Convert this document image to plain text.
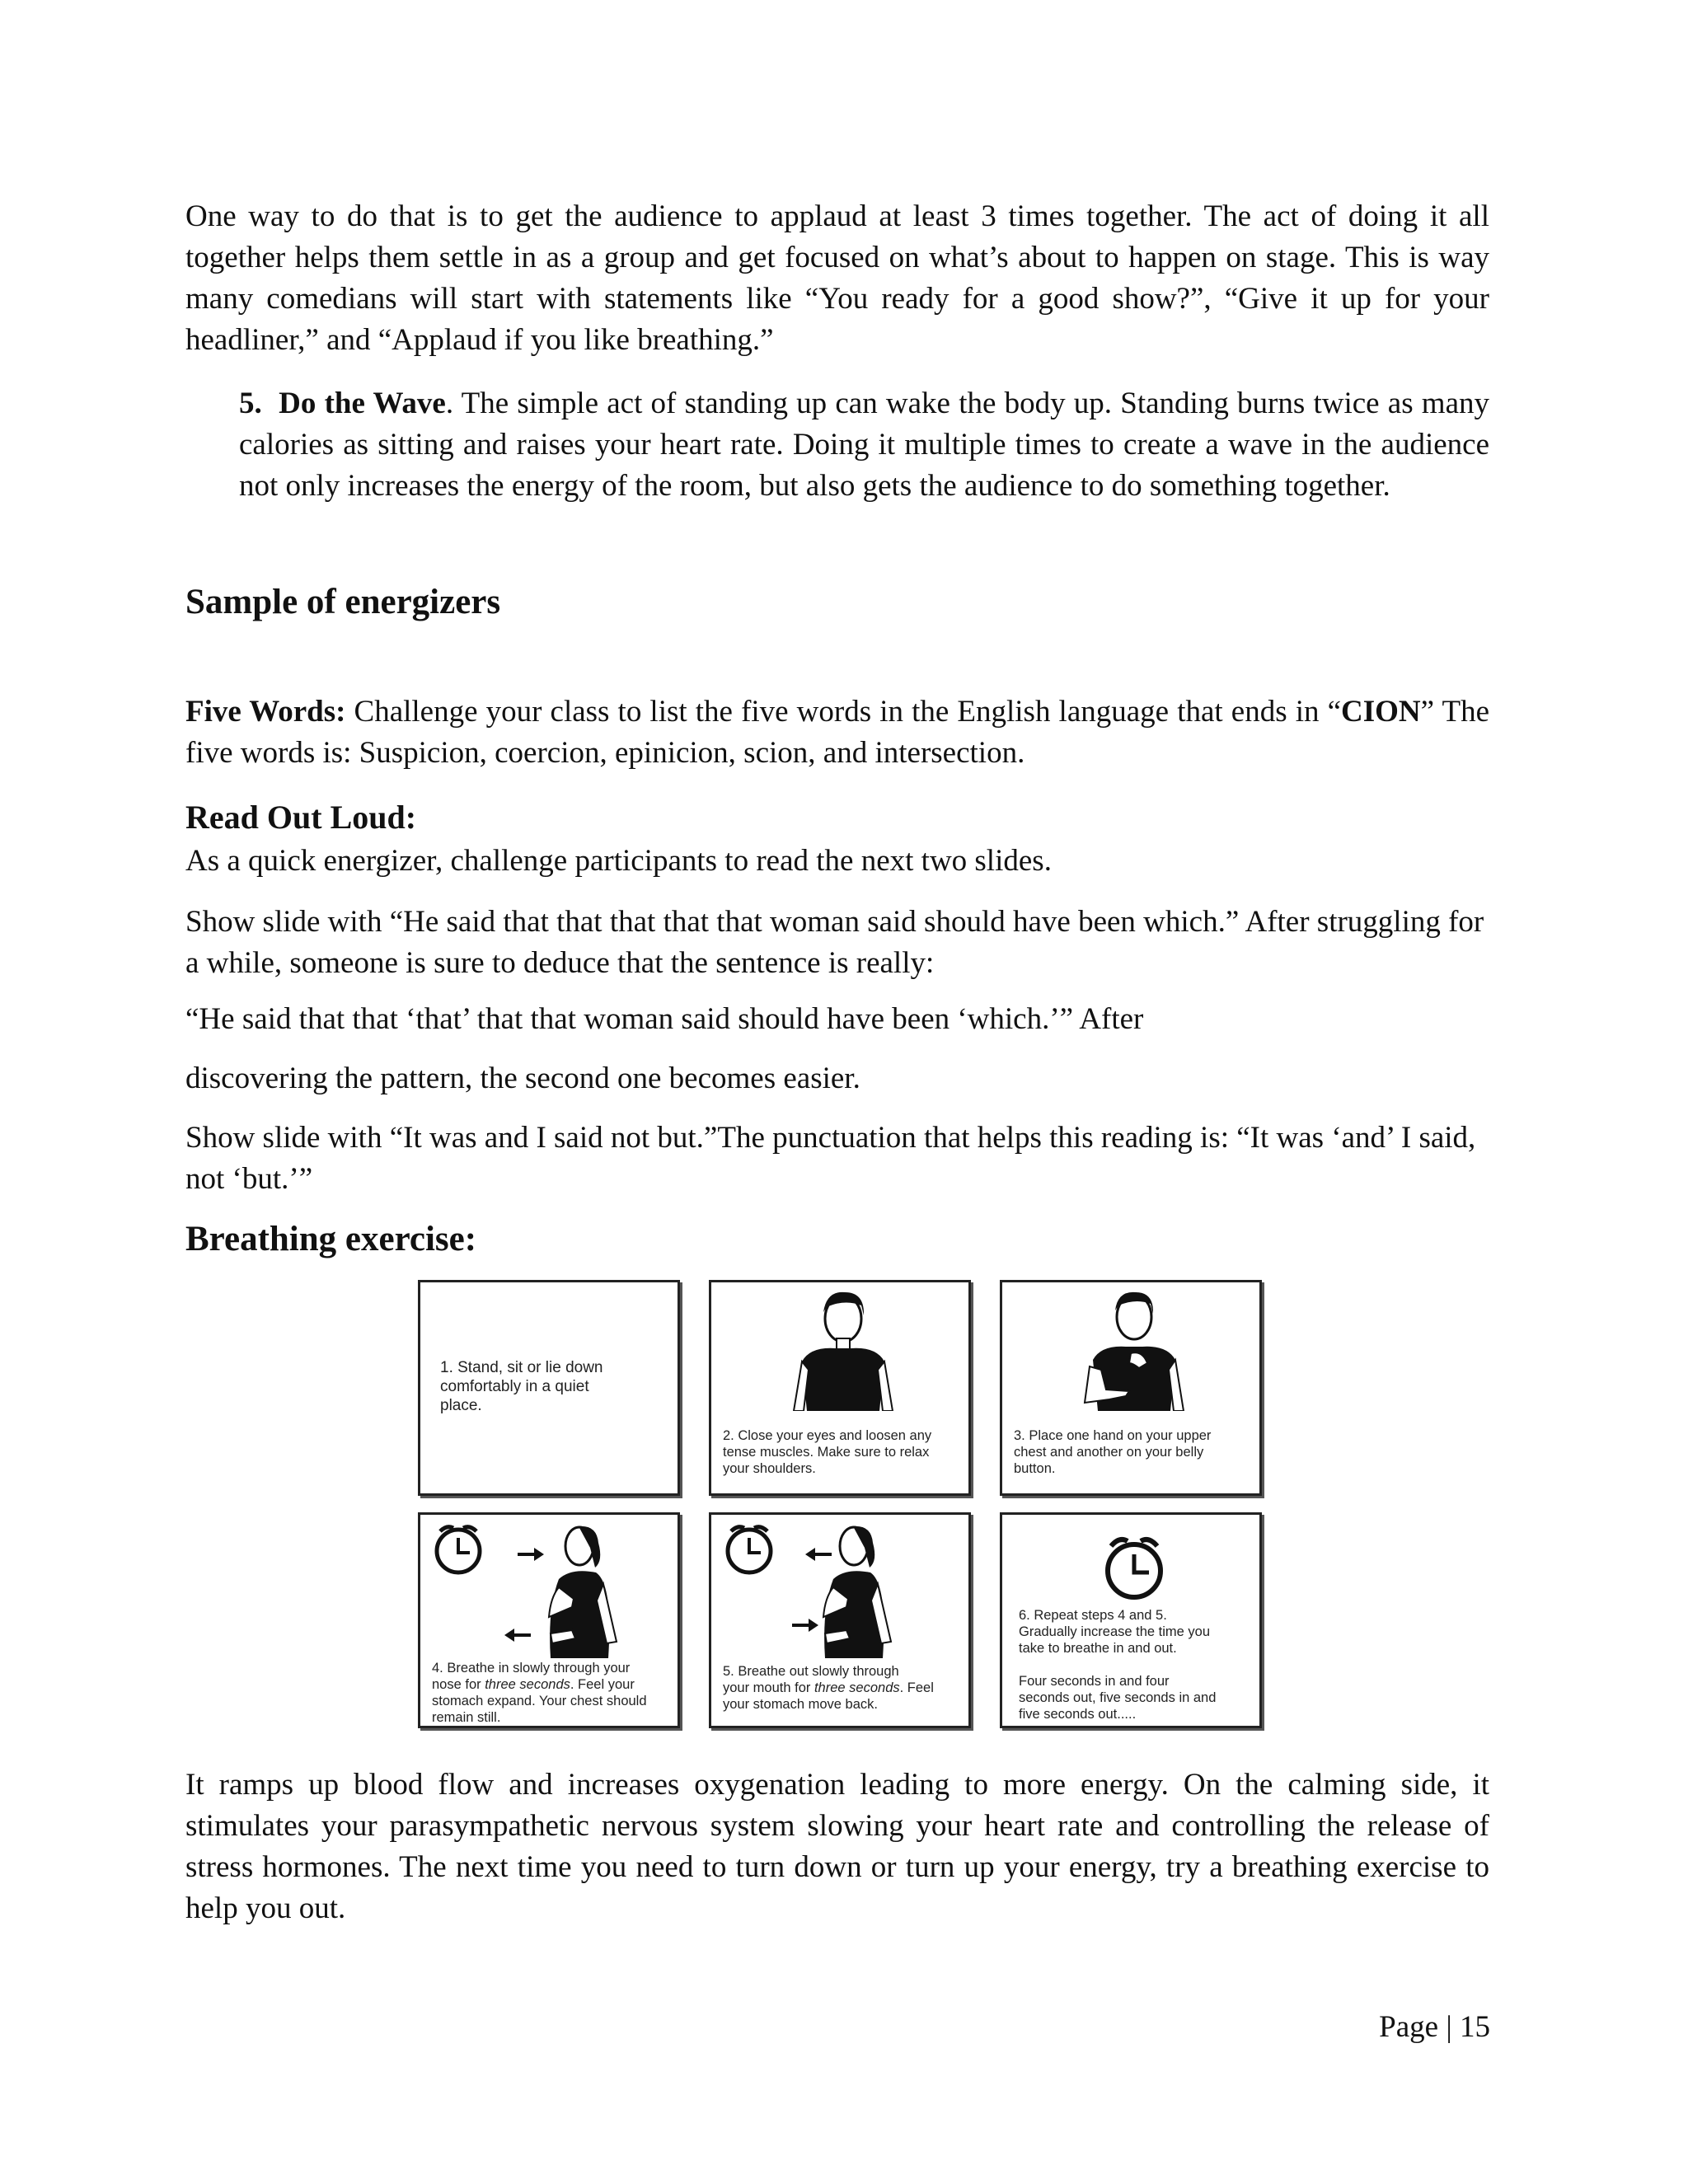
One way to do that is to get the audience to applaud at least 3 times together. The act of doing it all together helps them settle in as a group and get focused on what’s about to happen on stage. This is way many comedians will start with statements like “You ready for a good show?”, “Give it up for your headliner,” and “Applaud if you like breathing.”

5. Do the Wave. The simple act of standing up can wake the body up. Standing burns twice as many calories as sitting and raises your heart rate. Doing it multiple times to create a wave in the audience not only increases the energy of the room, but also gets the audience to do something together.

Sample of energizers

Five Words: Challenge your class to list the five words in the English language that ends in “CION” The five words is: Suspicion, coercion, epinicion, scion, and intersection.

Read Out Loud:

As a quick energizer, challenge participants to read the next two slides.

Show slide with “He said that that that that that woman said should have been which.” After struggling for a while, someone is sure to deduce that the sentence is really:

“He said that that ‘that’ that that woman said should have been ‘which.’” After

discovering the pattern, the second one becomes easier.

Show slide with “It was and I said not but.”The punctuation that helps this reading is: “It was ‘and’ I said, not ‘but.’”

Breathing exercise:

1. Stand, sit or lie down
comfortably in a quiet
place.

2. Close your eyes and loosen any
tense muscles. Make sure to relax
your shoulders.

3. Place one hand on your upper
chest and another on your belly
button.

4. Breathe in slowly through your
nose for three seconds. Feel your
stomach expand. Your chest should
remain still.

5. Breathe out slowly through
your mouth for three seconds. Feel
your stomach move back.

6. Repeat steps 4 and 5.
Gradually increase the time you
take to breathe in and out.

Four seconds in and four
seconds out, five seconds in and
five seconds out.....

It ramps up blood flow and increases oxygenation leading to more energy. On the calming side, it stimulates your parasympathetic nervous system slowing your heart rate and controlling the release of stress hormones. The next time you need to turn down or turn up your energy, try a breathing exercise to help you out.

Page | 15
